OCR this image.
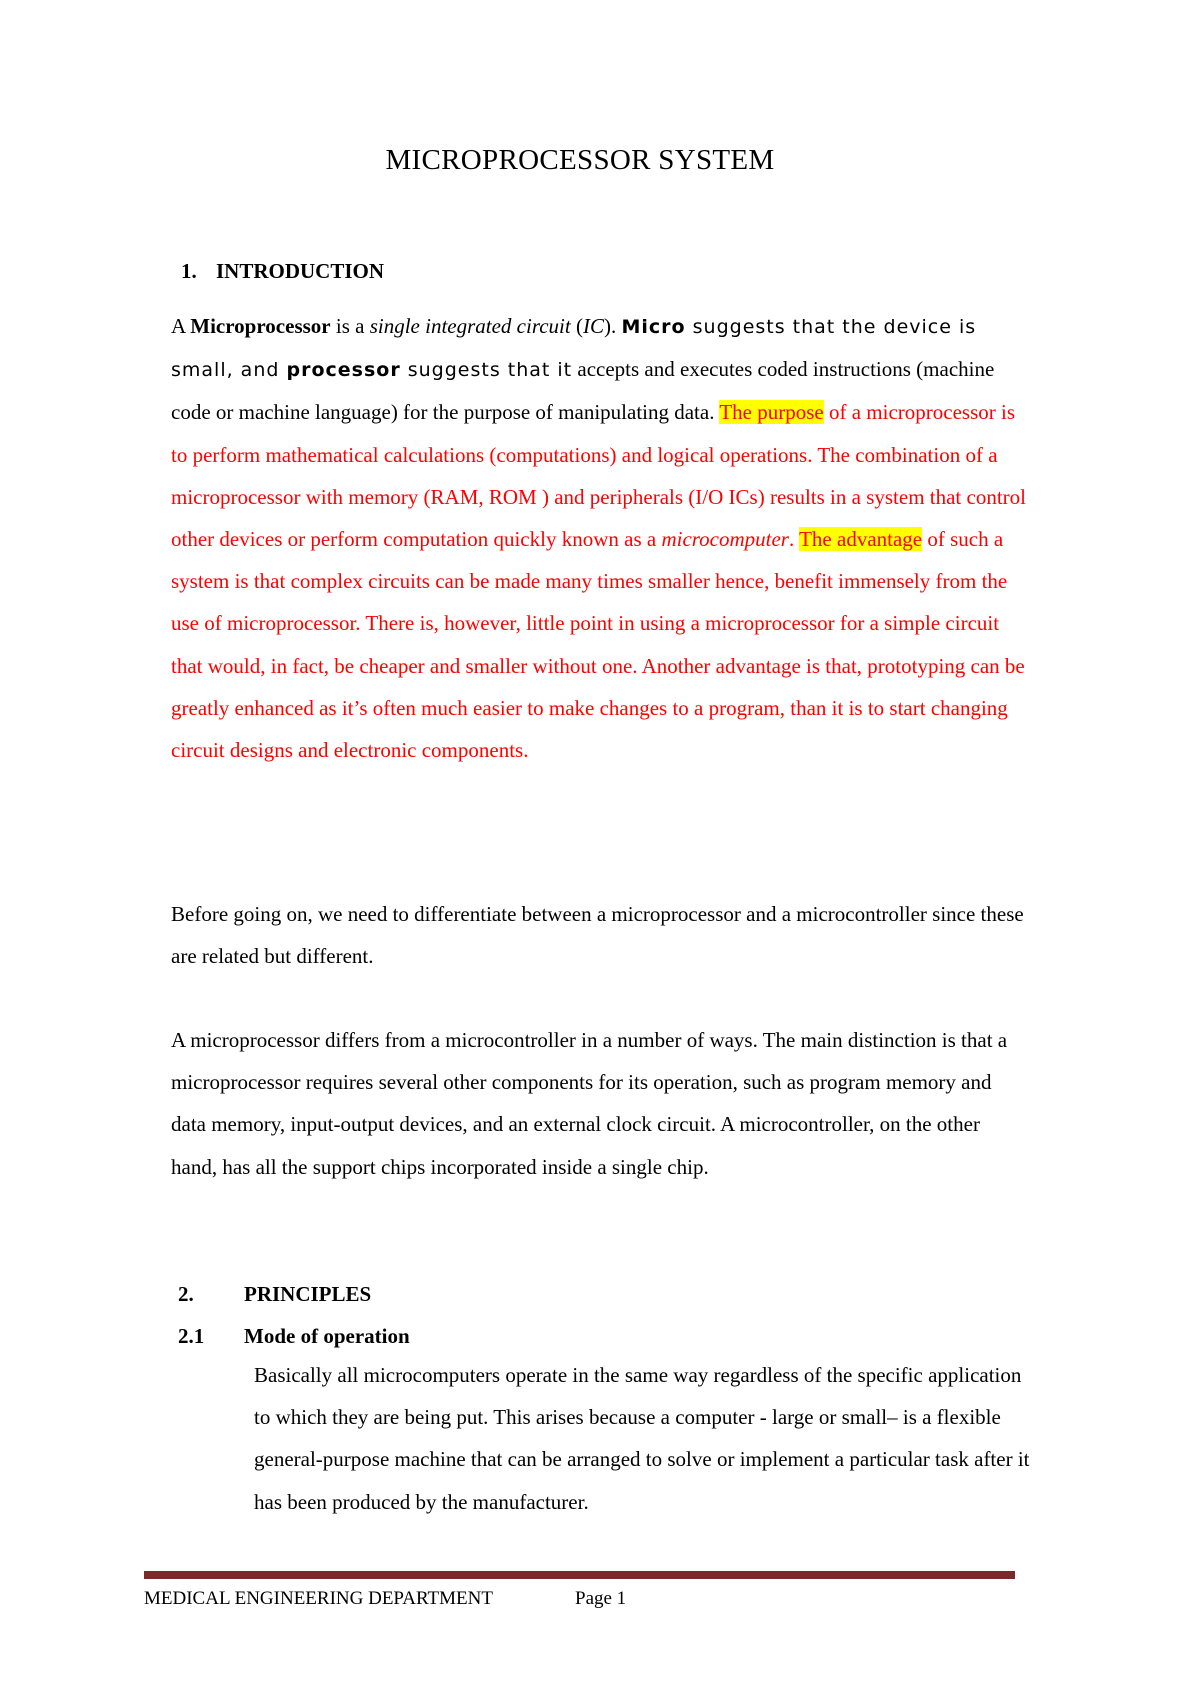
MICROPROCESSOR SYSTEM
1. INTRODUCTION

A Microprocessor is a single integrated circuit (IC). Micro suggests that the device is small, and processor suggests that it accepts and executes coded instructions (machine code or machine language) for the purpose of manipulating data. The purpose of a microprocessor is to perform mathematical calculations (computations) and logical operations. The combination of a microprocessor with memory (RAM, ROM ) and peripherals (I/O ICs) results in a system that control other devices or perform computation quickly known as a microcomputer. The advantage of such a system is that complex circuits can be made many times smaller hence, benefit immensely from the use of microprocessor. There is, however, little point in using a microprocessor for a simple circuit that would, in fact, be cheaper and smaller without one. Another advantage is that, prototyping can be greatly enhanced as it’s often much easier to make changes to a program, than it is to start changing circuit designs and electronic components.

Before going on, we need to differentiate between a microprocessor and a microcontroller since these are related but different.

A microprocessor differs from a microcontroller in a number of ways. The main distinction is that a microprocessor requires several other components for its operation, such as program memory and data memory, input-output devices, and an external clock circuit. A microcontroller, on the other hand, has all the support chips incorporated inside a single chip.

2. PRINCIPLES
2.1 Mode of operation

Basically all microcomputers operate in the same way regardless of the specific application to which they are being put. This arises because a computer - large or small– is a flexible general-purpose machine that can be arranged to solve or implement a particular task after it has been produced by the manufacturer.

MEDICAL ENGINEERING DEPARTMENT	Page 1
